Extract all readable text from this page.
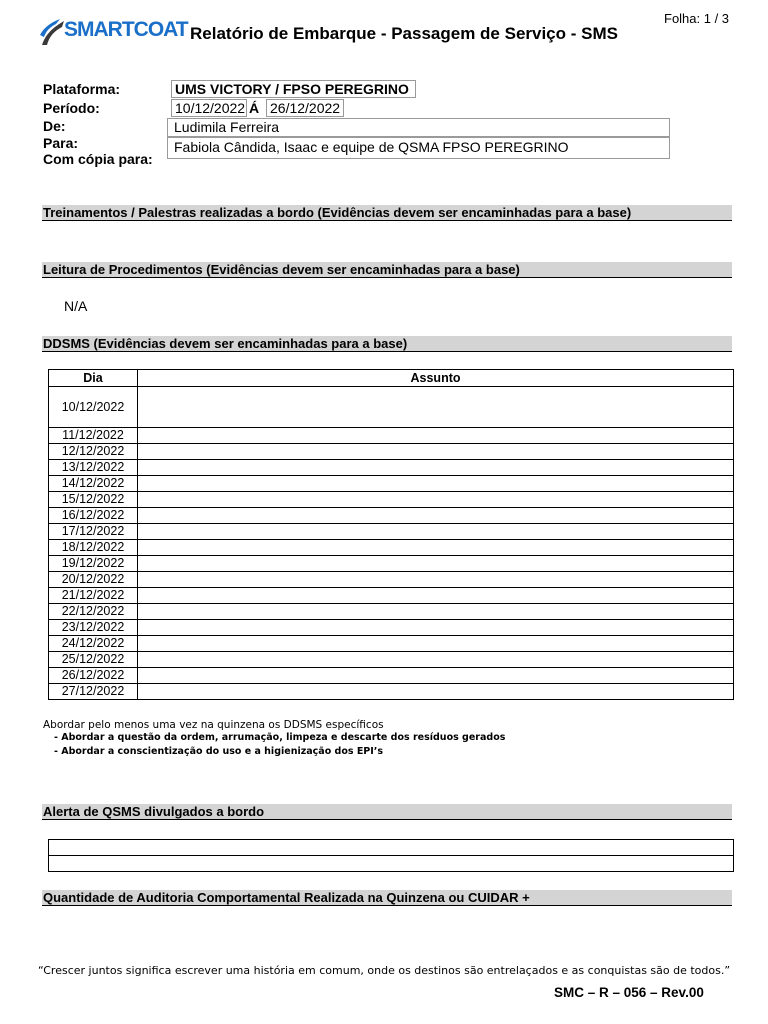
Folha: 1 / 3
SMARTCOAT Relatório de Embarque - Passagem de Serviço - SMS
Plataforma:	UMS VICTORY / FPSO PEREGRINO
Período:	10/12/2022 Á 26/12/2022
De:	Ludimila Ferreira
Para:	Fabiola Cândida, Isaac e equipe de QSMA FPSO PEREGRINO
Com cópia para:
Treinamentos / Palestras realizadas a bordo (Evidências devem ser encaminhadas para a base)
Leitura de Procedimentos (Evidências devem ser encaminhadas para a base)
N/A
DDSMS (Evidências devem ser encaminhadas para a base)
Dia	Assunto
10/12/2022	
11/12/2022	
12/12/2022	
13/12/2022	
14/12/2022	
15/12/2022	
16/12/2022	
17/12/2022	
18/12/2022	
19/12/2022	
20/12/2022	
21/12/2022	
22/12/2022	
23/12/2022	
24/12/2022	
25/12/2022	
26/12/2022	
27/12/2022	
Abordar pelo menos uma vez na quinzena os DDSMS específicos
- Abordar a questão da ordem, arrumação, limpeza e descarte dos resíduos gerados
- Abordar a conscientização do uso e a higienização dos EPI’s
Alerta de QSMS divulgados a bordo

Quantidade de Auditoria Comportamental Realizada na Quinzena ou CUIDAR +
“Crescer juntos significa escrever uma história em comum, onde os destinos são entrelaçados e as conquistas são de todos.”
SMC – R – 056 – Rev.00
